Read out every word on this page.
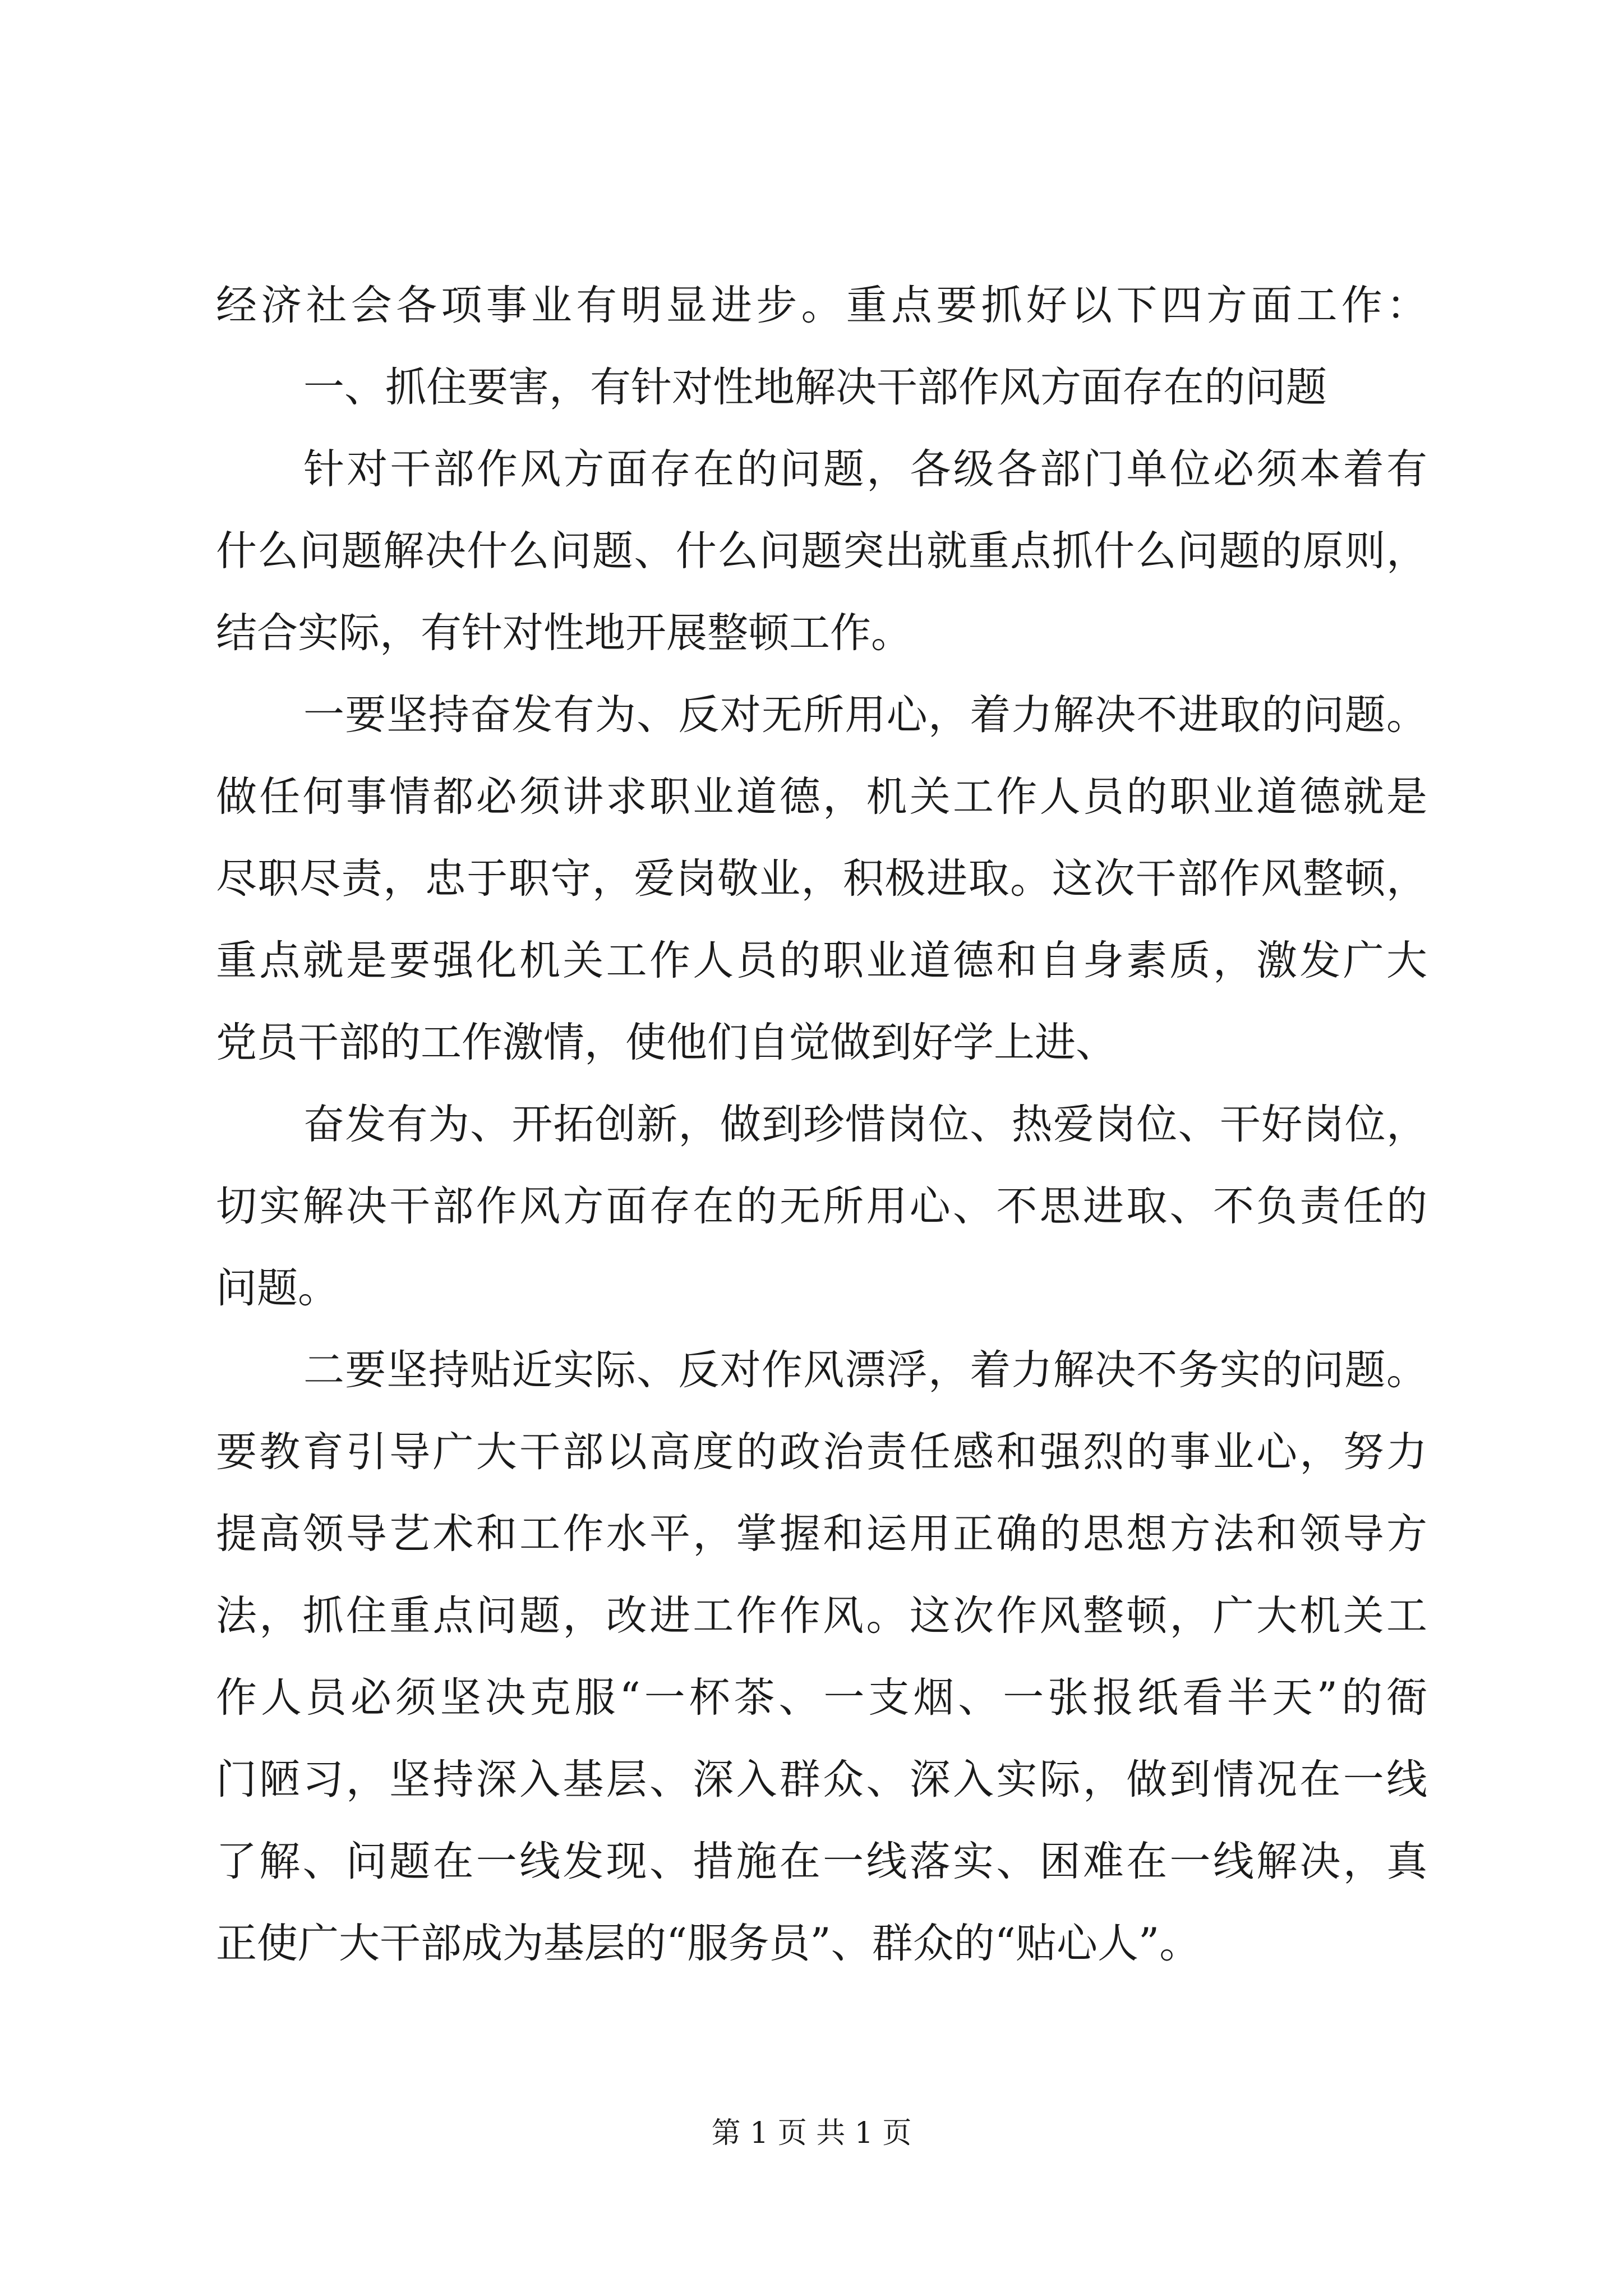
经济社会各项事业有明显进步。重点要抓好以下四方面工作：
一、抓住要害，有针对性地解决干部作风方面存在的问题
针对干部作风方面存在的问题，各级各部门单位必须本着有
什么问题解决什么问题、什么问题突出就重点抓什么问题的原则，
结合实际，有针对性地开展整顿工作。
一要坚持奋发有为、反对无所用心，着力解决不进取的问题。
做任何事情都必须讲求职业道德，机关工作人员的职业道德就是
尽职尽责，忠于职守，爱岗敬业，积极进取。这次干部作风整顿，
重点就是要强化机关工作人员的职业道德和自身素质，激发广大
党员干部的工作激情，使他们自觉做到好学上进、
奋发有为、开拓创新，做到珍惜岗位、热爱岗位、干好岗位，
切实解决干部作风方面存在的无所用心、不思进取、不负责任的
问题。
二要坚持贴近实际、反对作风漂浮，着力解决不务实的问题。
要教育引导广大干部以高度的政治责任感和强烈的事业心，努力
提高领导艺术和工作水平，掌握和运用正确的思想方法和领导方
法，抓住重点问题，改进工作作风。这次作风整顿，广大机关工
作人员必须坚决克服“一杯茶、一支烟、一张报纸看半天”的衙
门陋习，坚持深入基层、深入群众、深入实际，做到情况在一线
了解、问题在一线发现、措施在一线落实、困难在一线解决，真
正使广大干部成为基层的“服务员”、群众的“贴心人”。
第 1 页 共 1 页
